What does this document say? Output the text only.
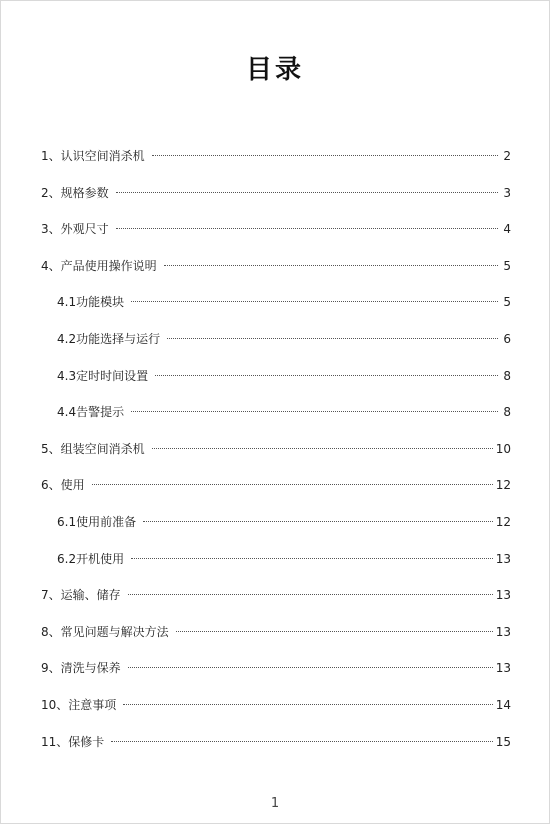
目录
1、认识空间消杀机	2
2、规格参数	3
3、外观尺寸	4
4、产品使用操作说明	5
4.1功能模块	5
4.2功能选择与运行	6
4.3定时时间设置	8
4.4告警提示	8
5、组装空间消杀机	10
6、使用	12
6.1使用前准备	12
6.2开机使用	13
7、运输、储存	13
8、常见问题与解决方法	13
9、清洗与保养	13
10、注意事项	14
11、保修卡	15
1
